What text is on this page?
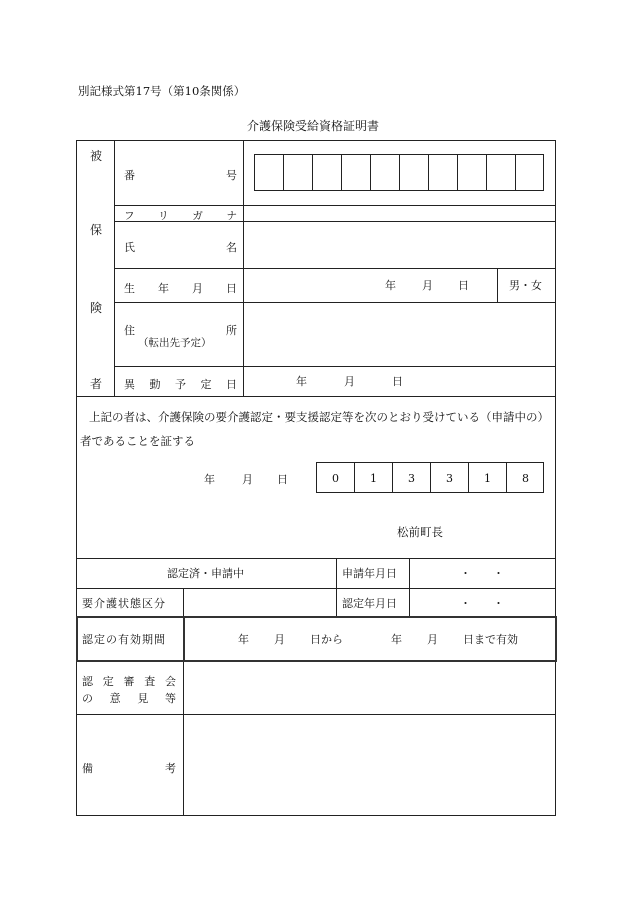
別記様式第17号（第10条関係）
介護保険受給資格証明書
被
保
険
者
番	号
フ リ ガ ナ
氏	名
生 年 月 日	年 月 日	男・女
住	所
（転出先予定）
異 動 予 定 日	年	月	日
上記の者は、介護保険の要介護認定・要支援認定等を次のとおり受けている（申請中の）
者であることを証する
年 月 日	0	1	3	3	1	8
松前町長
認定済・申請中	申請年月日	・　　・
要介護状態区分	認定年月日	・　　・
認定の有効期間	年 月 日から	年 月 日まで有効
認 定 審 査 会
の 意 見 等
備	考
